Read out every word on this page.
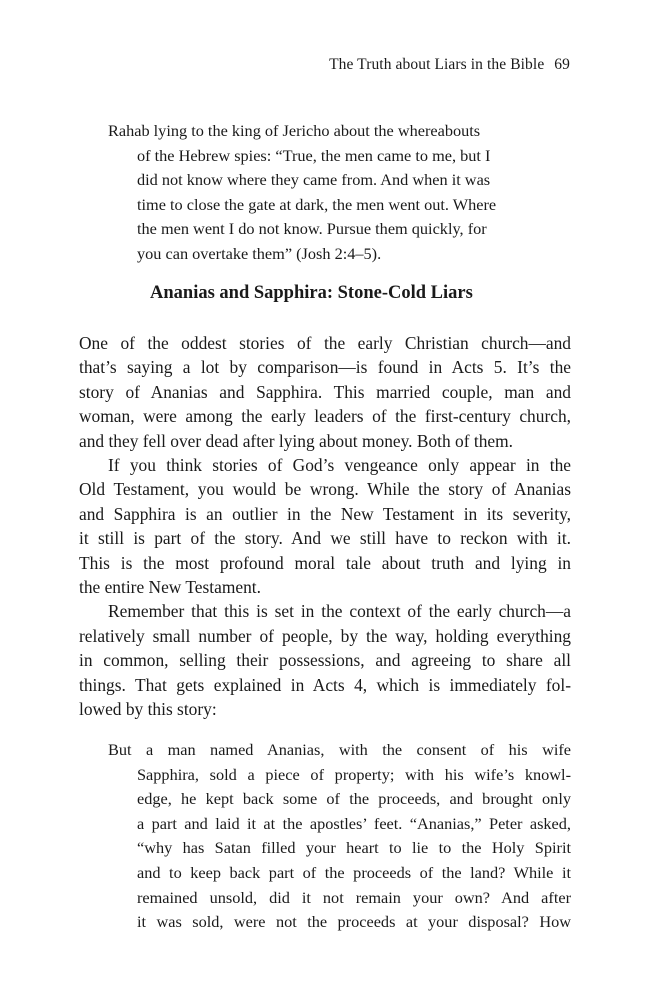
The Truth about Liars in the Bible 69
Rahab lying to the king of Jericho about the whereabouts
of the Hebrew spies: “True, the men came to me, but I
did not know where they came from. And when it was
time to close the gate at dark, the men went out. Where
the men went I do not know. Pursue them quickly, for
you can overtake them” (Josh 2:4–5).
Ananias and Sapphira: Stone-Cold Liars
One of the oddest stories of the early Christian church—and
that’s saying a lot by comparison—is found in Acts 5. It’s the
story of Ananias and Sapphira. This married couple, man and
woman, were among the early leaders of the first-century church,
and they fell over dead after lying about money. Both of them.
If you think stories of God’s vengeance only appear in the
Old Testament, you would be wrong. While the story of Ananias
and Sapphira is an outlier in the New Testament in its severity,
it still is part of the story. And we still have to reckon with it.
This is the most profound moral tale about truth and lying in
the entire New Testament.
Remember that this is set in the context of the early church—a
relatively small number of people, by the way, holding everything
in common, selling their possessions, and agreeing to share all
things. That gets explained in Acts 4, which is immediately fol-
lowed by this story:
But a man named Ananias, with the consent of his wife
Sapphira, sold a piece of property; with his wife’s knowl-
edge, he kept back some of the proceeds, and brought only
a part and laid it at the apostles’ feet. “Ananias,” Peter asked,
“why has Satan filled your heart to lie to the Holy Spirit
and to keep back part of the proceeds of the land? While it
remained unsold, did it not remain your own? And after
it was sold, were not the proceeds at your disposal? How
